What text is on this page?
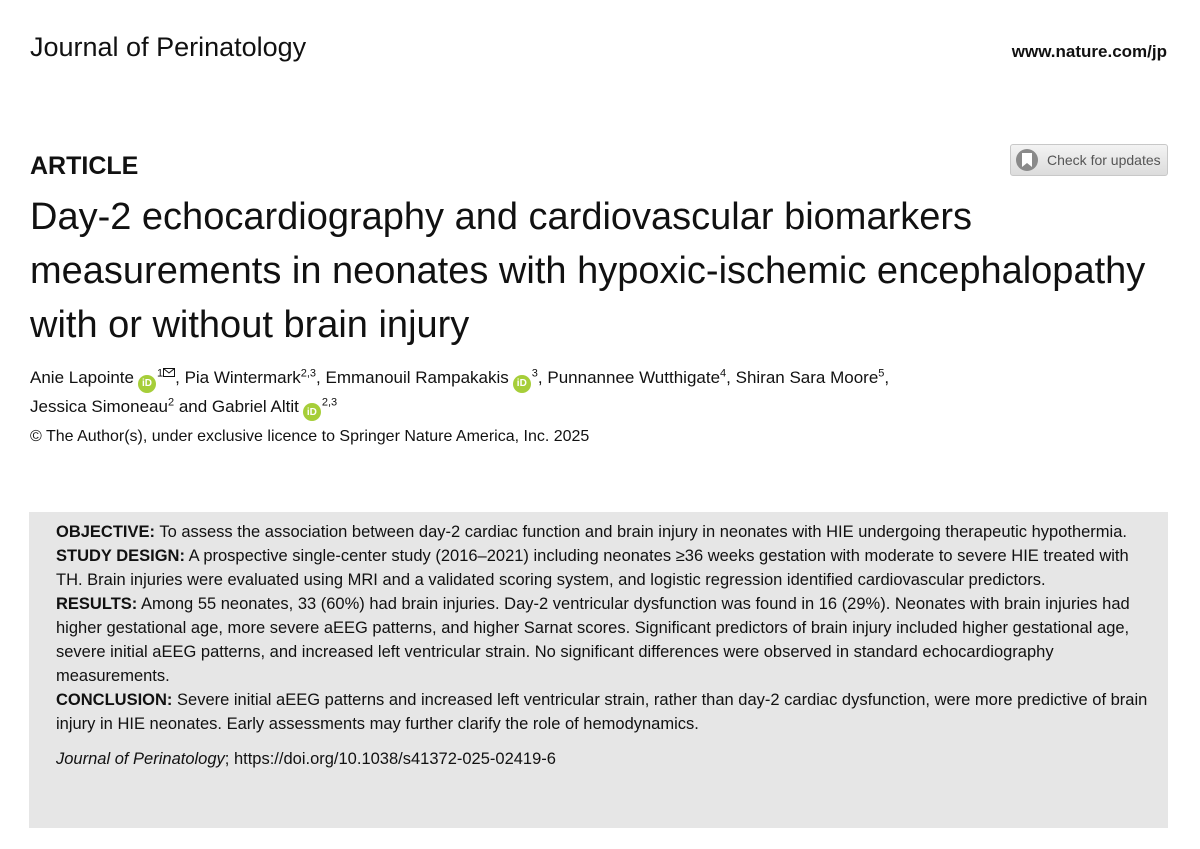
Journal of Perinatology	www.nature.com/jp
ARTICLE	Check for updates
Day-2 echocardiography and cardiovascular biomarkers measurements in neonates with hypoxic-ischemic encephalopathy with or without brain injury
Anie Lapointe $iD^1$ , Pia Wintermark$^{2,3}$, Emmanouil Rampakakis $iD^3$, Punnannee Wutthigate$^4$, Shiran Sara Moore$^5$,
Jessica Simoneau$^2$ and Gabriel Altit iD$^{2,3}$
© The Author(s), under exclusive licence to Springer Nature America, Inc. 2025

OBJECTIVE: To assess the association between day-2 cardiac function and brain injury in neonates with HIE undergoing therapeutic hypothermia.

STUDY DESIGN: A prospective single-center study (2016–2021) including neonates ≥36 weeks gestation with moderate to severe HIE treated with TH. Brain injuries were evaluated using MRI and a validated scoring system, and logistic regression identified cardiovascular predictors.

RESULTS: Among 55 neonates, 33 (60%) had brain injuries. Day-2 ventricular dysfunction was found in 16 (29%). Neonates with brain injuries had higher gestational age, more severe aEEG patterns, and higher Sarnat scores. Significant predictors of brain injury included higher gestational age, severe initial aEEG patterns, and increased left ventricular strain. No significant differences were observed in standard echocardiography measurements.

CONCLUSION: Severe initial aEEG patterns and increased left ventricular strain, rather than day-2 cardiac dysfunction, were more predictive of brain injury in HIE neonates. Early assessments may further clarify the role of hemodynamics.

Journal of Perinatology; https://doi.org/10.1038/s41372-025-02419-6
